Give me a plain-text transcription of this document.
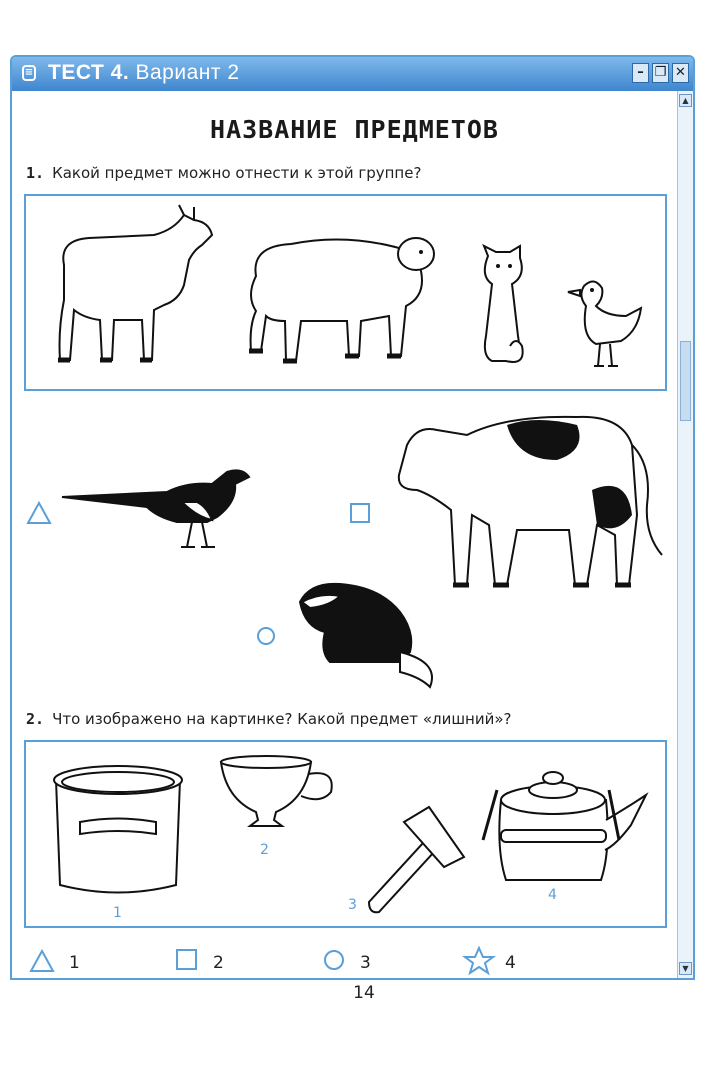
≡ ТЕСТ 4. Вариант 2	– ❐ ✕
▲
▼
НАЗВАНИЕ ПРЕДМЕТОВ
1. Какой предмет можно отнести к этой группе?
2. Что изображено на картинке? Какой предмет «лишний»?
1
2
3
4
1	2	3	4
14
